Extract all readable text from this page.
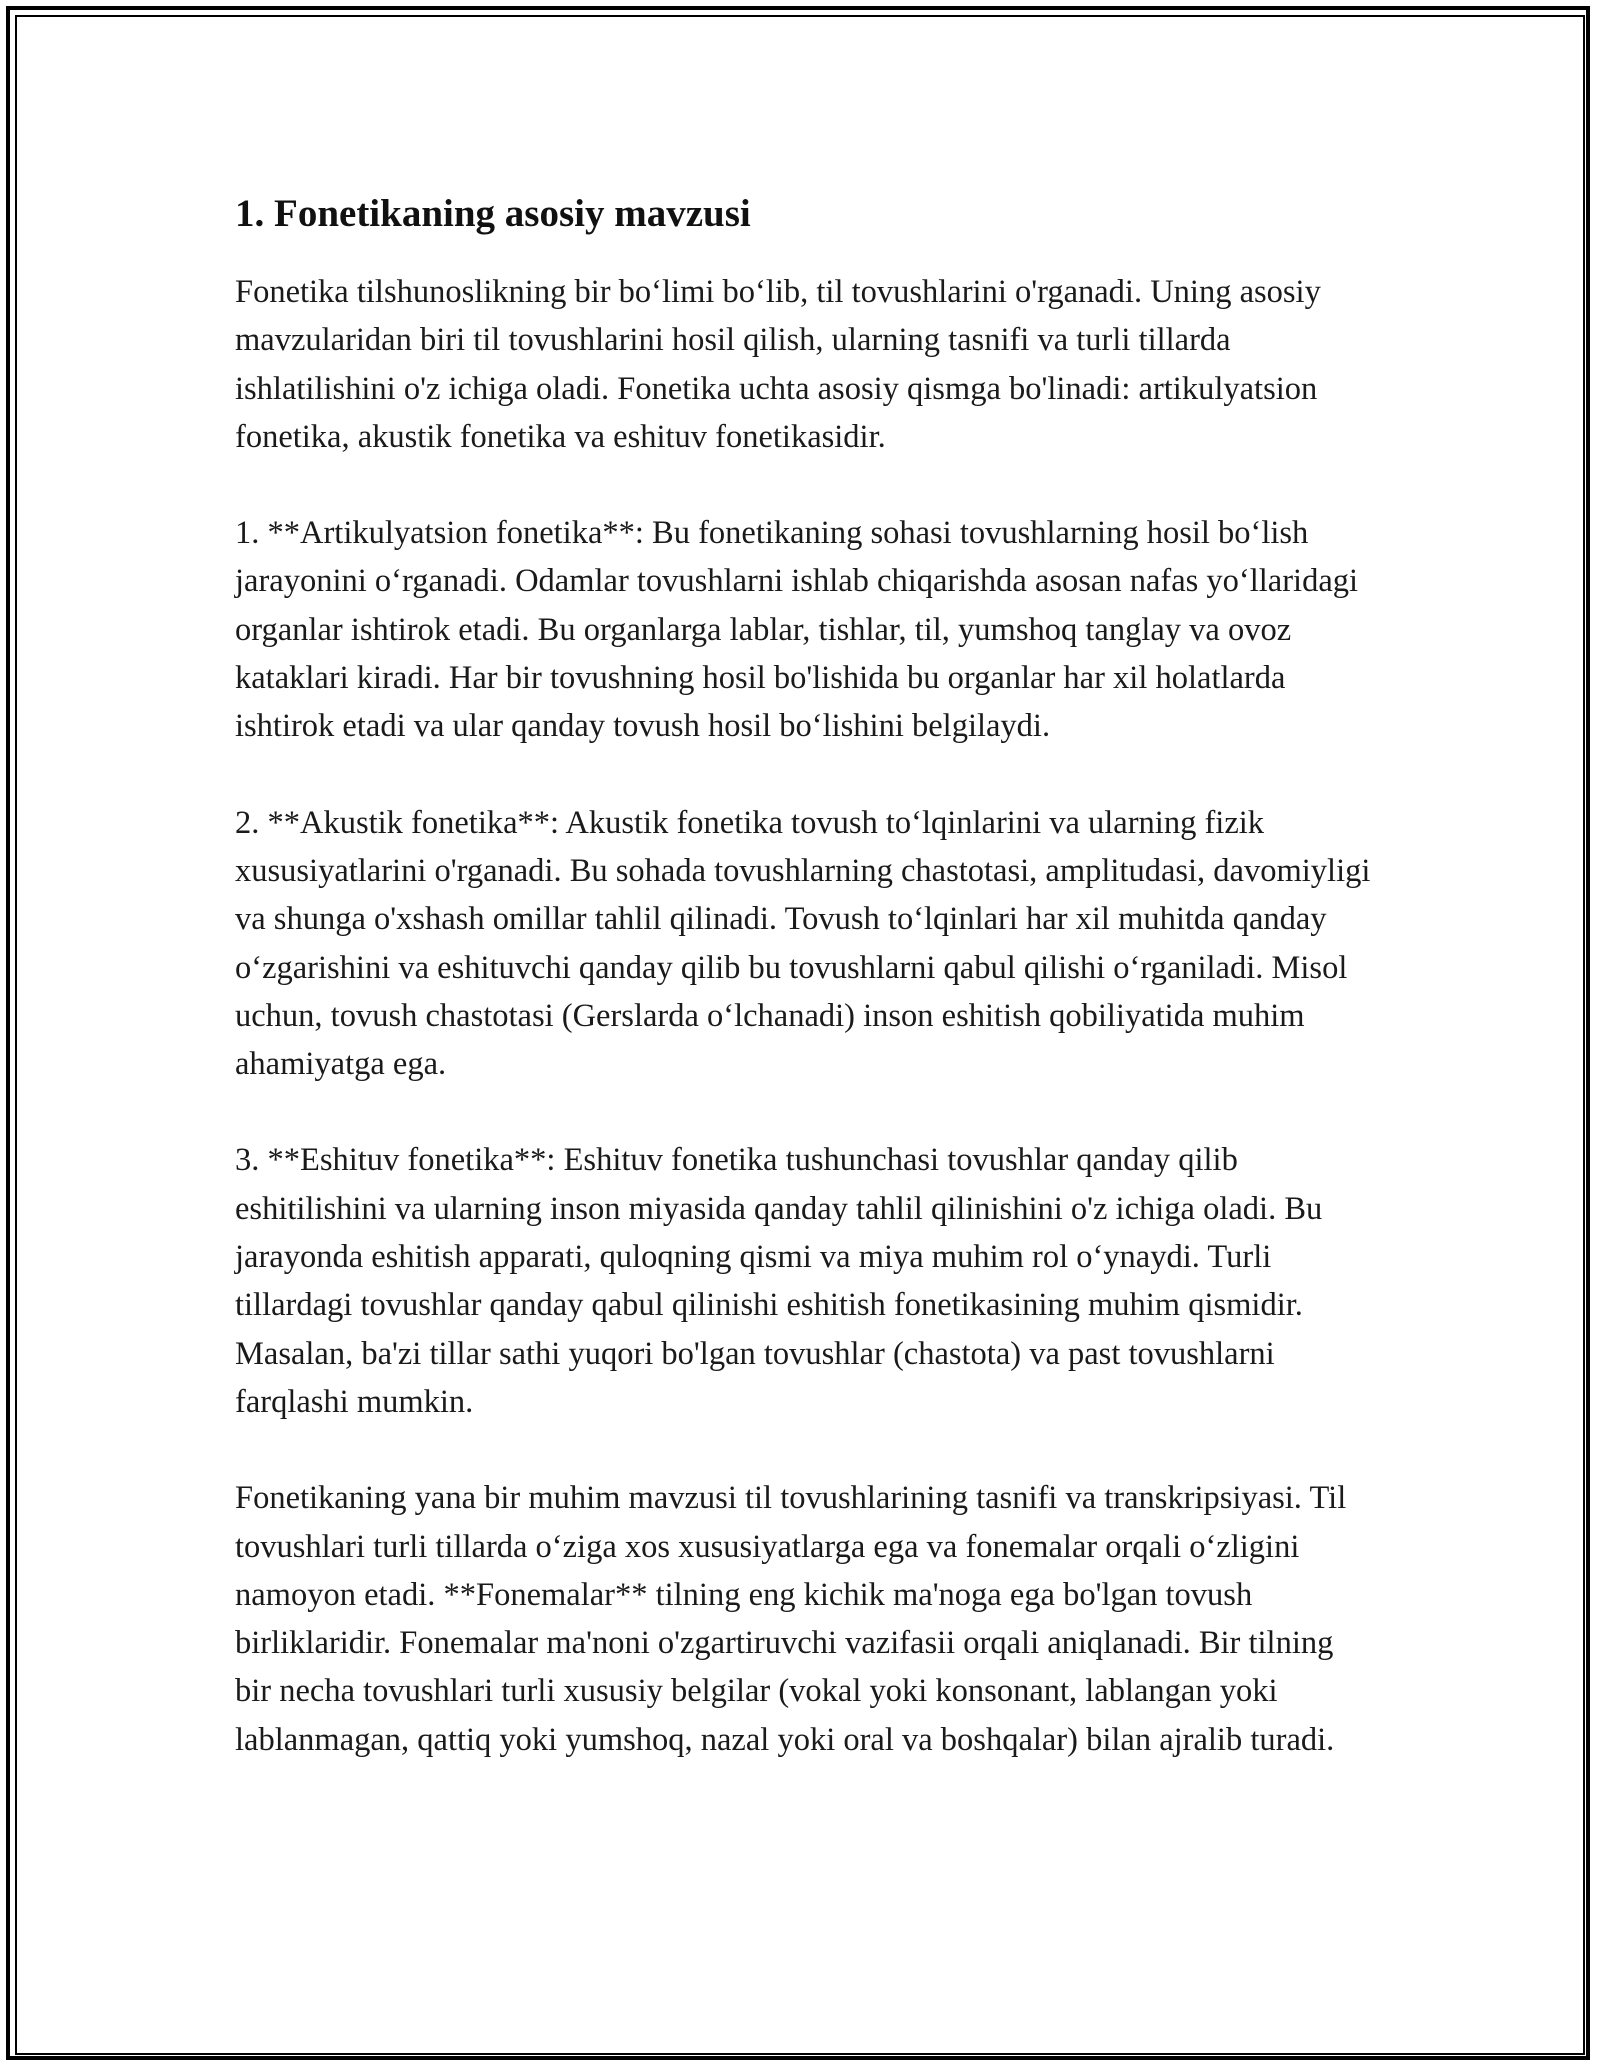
1. Fonetikaning asosiy mavzusi

Fonetika tilshunoslikning bir bo‘limi bo‘lib, til tovushlarini o'rganadi. Uning asosiy mavzularidan biri til tovushlarini hosil qilish, ularning tasnifi va turli tillarda ishlatilishini o'z ichiga oladi. Fonetika uchta asosiy qismga bo'linadi: artikulyatsion fonetika, akustik fonetika va eshituv fonetikasidir.

1. **Artikulyatsion fonetika**: Bu fonetikaning sohasi tovushlarning hosil bo‘lish jarayonini o‘rganadi. Odamlar tovushlarni ishlab chiqarishda asosan nafas yo‘llaridagi organlar ishtirok etadi. Bu organlarga lablar, tishlar, til, yumshoq tanglay va ovoz kataklari kiradi. Har bir tovushning hosil bo'lishida bu organlar har xil holatlarda ishtirok etadi va ular qanday tovush hosil bo‘lishini belgilaydi.

2. **Akustik fonetika**: Akustik fonetika tovush to‘lqinlarini va ularning fizik xususiyatlarini o'rganadi. Bu sohada tovushlarning chastotasi, amplitudasi, davomiyligi va shunga o'xshash omillar tahlil qilinadi. Tovush to‘lqinlari har xil muhitda qanday o‘zgarishini va eshituvchi qanday qilib bu tovushlarni qabul qilishi o‘rganiladi. Misol uchun, tovush chastotasi (Gerslarda o‘lchanadi) inson eshitish qobiliyatida muhim ahamiyatga ega.

3. **Eshituv fonetika**: Eshituv fonetika tushunchasi tovushlar qanday qilib eshitilishini va ularning inson miyasida qanday tahlil qilinishini o'z ichiga oladi. Bu jarayonda eshitish apparati, quloqning qismi va miya muhim rol o‘ynaydi. Turli tillardagi tovushlar qanday qabul qilinishi eshitish fonetikasining muhim qismidir. Masalan, ba'zi tillar sathi yuqori bo'lgan tovushlar (chastota) va past tovushlarni farqlashi mumkin.

Fonetikaning yana bir muhim mavzusi til tovushlarining tasnifi va transkripsiyasi. Til tovushlari turli tillarda o‘ziga xos xususiyatlarga ega va fonemalar orqali o‘zligini namoyon etadi. **Fonemalar** tilning eng kichik ma'noga ega bo'lgan tovush birliklaridir. Fonemalar ma'noni o'zgartiruvchi vazifasii orqali aniqlanadi. Bir tilning bir necha tovushlari turli xususiy belgilar (vokal yoki konsonant, lablangan yoki lablanmagan, qattiq yoki yumshoq, nazal yoki oral va boshqalar) bilan ajralib turadi.
